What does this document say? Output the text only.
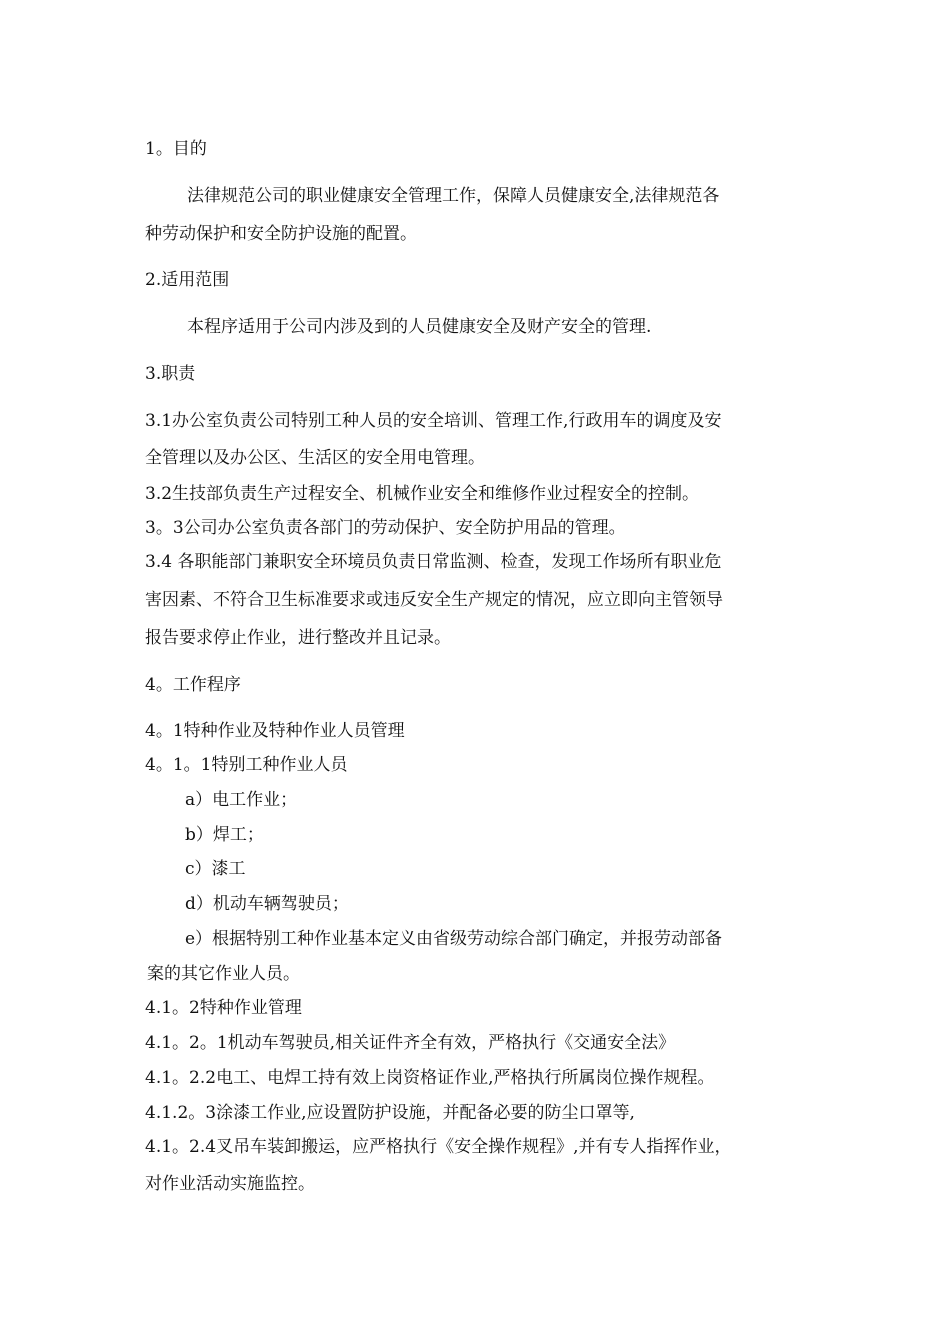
1。目的
法律规范公司的职业健康安全管理工作，保障人员健康安全,法律规范各
种劳动保护和安全防护设施的配置。
2.适用范围
本程序适用于公司内涉及到的人员健康安全及财产安全的管理.
3.职责
3.1办公室负责公司特别工种人员的安全培训、管理工作,行政用车的调度及安
全管理以及办公区、生活区的安全用电管理。
3.2生技部负责生产过程安全、机械作业安全和维修作业过程安全的控制。
3。3公司办公室负责各部门的劳动保护、安全防护用品的管理。
3.4 各职能部门兼职安全环境员负责日常监测、检查，发现工作场所有职业危
害因素、不符合卫生标准要求或违反安全生产规定的情况，应立即向主管领导
报告要求停止作业，进行整改并且记录。
4。工作程序
4。1特种作业及特种作业人员管理
4。1。1特别工种作业人员
a）电工作业；
b）焊工；
c）漆工
d）机动车辆驾驶员；
e）根据特别工种作业基本定义由省级劳动综合部门确定，并报劳动部备
案的其它作业人员。
4.1。2特种作业管理
4.1。2。1机动车驾驶员,相关证件齐全有效，严格执行《交通安全法》
4.1。2.2电工、电焊工持有效上岗资格证作业,严格执行所属岗位操作规程。
4.1.2。3涂漆工作业,应设置防护设施，并配备必要的防尘口罩等,
4.1。2.4叉吊车装卸搬运，应严格执行《安全操作规程》,并有专人指挥作业，
对作业活动实施监控。
